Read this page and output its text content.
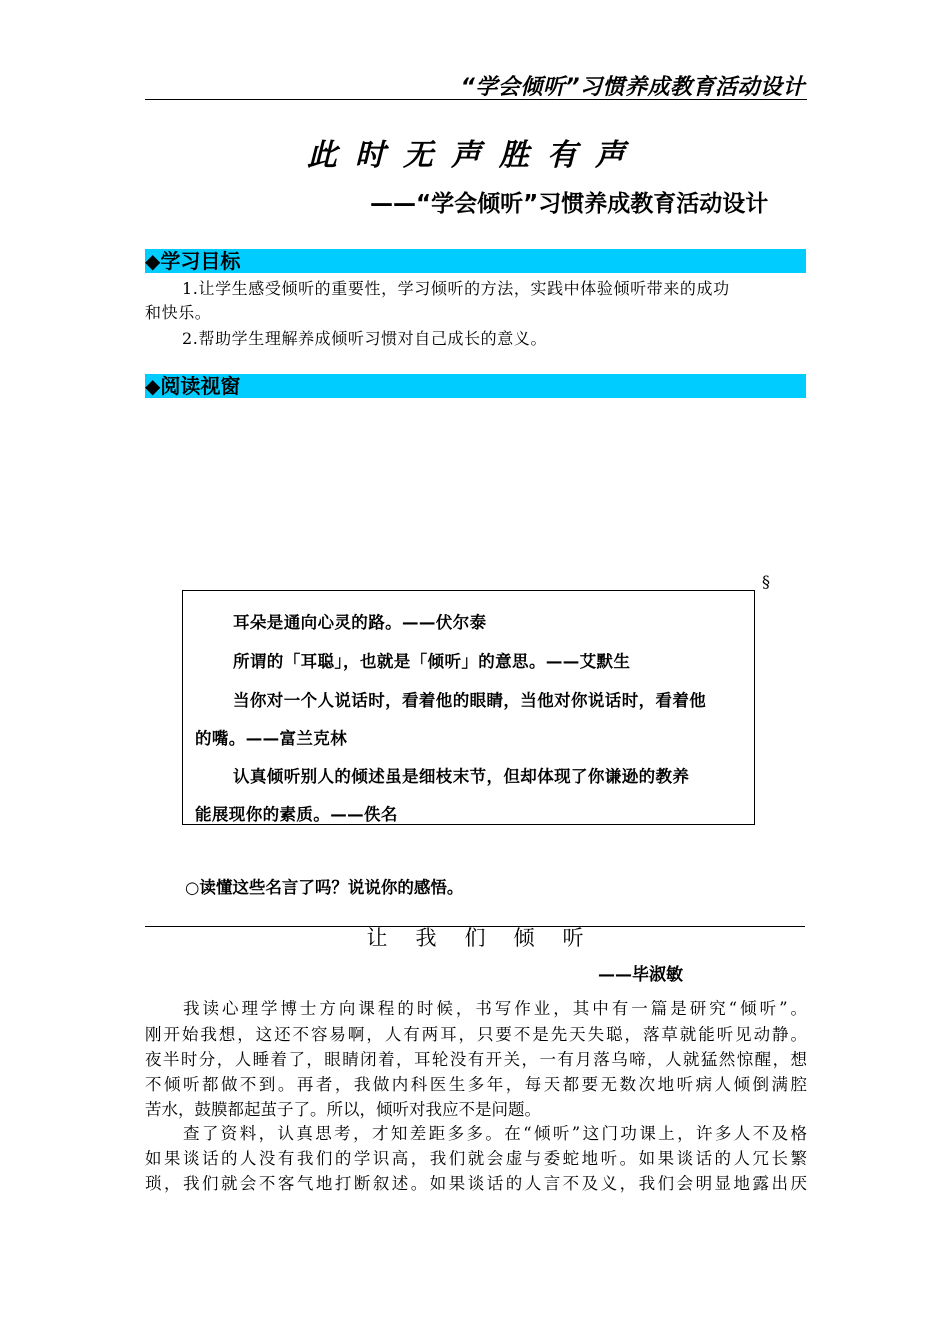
“学会倾听”习惯养成教育活动设计
此时无声胜有声
——“学会倾听”习惯养成教育活动设计
◆学习目标
1.让学生感受倾听的重要性，学习倾听的方法，实践中体验倾听带来的成功
和快乐。
2.帮助学生理解养成倾听习惯对自己成长的意义。
◆阅读视窗
§
耳朵是通向心灵的路。——伏尔泰
所谓的「耳聪」，也就是「倾听」的意思。——艾默生
当你对一个人说话时，看着他的眼睛，当他对你说话时，看着他
的嘴。——富兰克林
认真倾听别人的倾述虽是细枝末节，但却体现了你谦逊的教养
能展现你的素质。——佚名
○读懂这些名言了吗？说说你的感悟。
让我们倾听
——毕淑敏
我读心理学博士方向课程的时候，书写作业，其中有一篇是研究“倾听”。
刚开始我想，这还不容易啊，人有两耳，只要不是先天失聪，落草就能听见动静。
夜半时分，人睡着了，眼睛闭着，耳轮没有开关，一有月落乌啼，人就猛然惊醒，想
不倾听都做不到。再者，我做内科医生多年，每天都要无数次地听病人倾倒满腔
苦水，鼓膜都起茧子了。所以，倾听对我应不是问题。
查了资料，认真思考，才知差距多多。在“倾听”这门功课上，许多人不及格
如果谈话的人没有我们的学识高，我们就会虚与委蛇地听。如果谈话的人冗长繁
琐，我们就会不客气地打断叙述。如果谈话的人言不及义，我们会明显地露出厌
